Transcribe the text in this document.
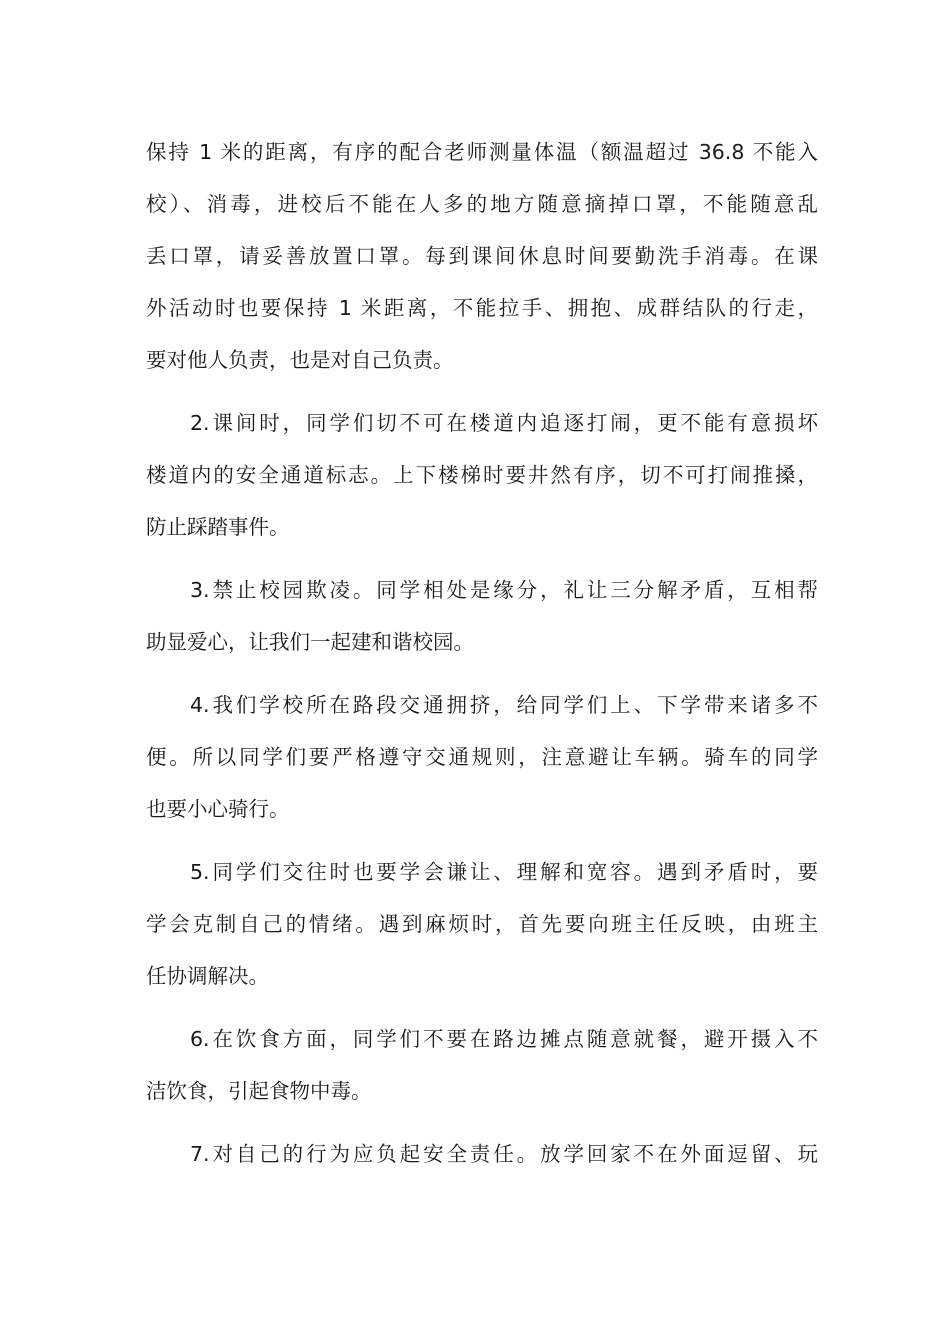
保持 1 米的距离，有序的配合老师测量体温（额温超过 36.8 不能入
校）、消毒，进校后不能在人多的地方随意摘掉口罩，不能随意乱
丢口罩，请妥善放置口罩。每到课间休息时间要勤洗手消毒。在课
外活动时也要保持 1 米距离，不能拉手、拥抱、成群结队的行走，
要对他人负责，也是对自己负责。
2.课间时，同学们切不可在楼道内追逐打闹，更不能有意损坏
楼道内的安全通道标志。上下楼梯时要井然有序，切不可打闹推搡，
防止踩踏事件。
3.禁止校园欺凌。同学相处是缘分，礼让三分解矛盾，互相帮
助显爱心，让我们一起建和谐校园。
4.我们学校所在路段交通拥挤，给同学们上、下学带来诸多不
便。所以同学们要严格遵守交通规则，注意避让车辆。骑车的同学
也要小心骑行。
5.同学们交往时也要学会谦让、理解和宽容。遇到矛盾时，要
学会克制自己的情绪。遇到麻烦时，首先要向班主任反映，由班主
任协调解决。
6.在饮食方面，同学们不要在路边摊点随意就餐，避开摄入不
洁饮食，引起食物中毒。
7.对自己的行为应负起安全责任。放学回家不在外面逗留、玩
